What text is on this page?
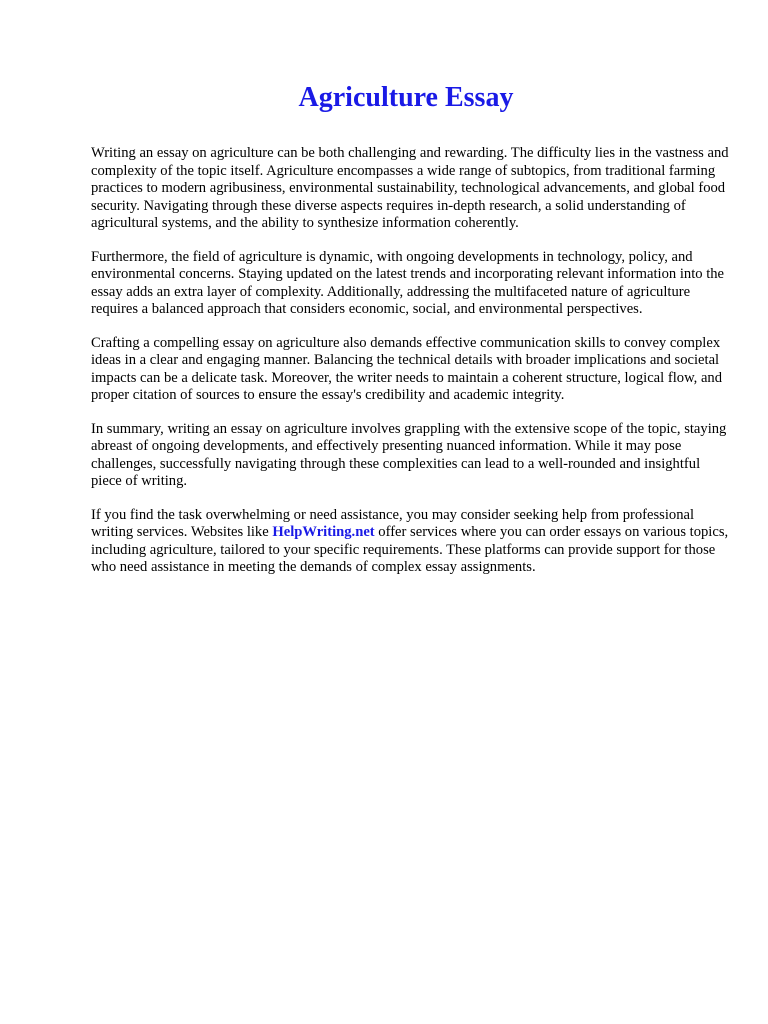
Agriculture Essay

Writing an essay on agriculture can be both challenging and rewarding. The difficulty lies in the vastness and complexity of the topic itself. Agriculture encompasses a wide range of subtopics, from traditional farming practices to modern agribusiness, environmental sustainability, technological advancements, and global food security. Navigating through these diverse aspects requires in-depth research, a solid understanding of agricultural systems, and the ability to synthesize information coherently.

Furthermore, the field of agriculture is dynamic, with ongoing developments in technology, policy, and environmental concerns. Staying updated on the latest trends and incorporating relevant information into the essay adds an extra layer of complexity. Additionally, addressing the multifaceted nature of agriculture requires a balanced approach that considers economic, social, and environmental perspectives.

Crafting a compelling essay on agriculture also demands effective communication skills to convey complex ideas in a clear and engaging manner. Balancing the technical details with broader implications and societal impacts can be a delicate task. Moreover, the writer needs to maintain a coherent structure, logical flow, and proper citation of sources to ensure the essay's credibility and academic integrity.

In summary, writing an essay on agriculture involves grappling with the extensive scope of the topic, staying abreast of ongoing developments, and effectively presenting nuanced information. While it may pose challenges, successfully navigating through these complexities can lead to a well-rounded and insightful piece of writing.

If you find the task overwhelming or need assistance, you may consider seeking help from professional writing services. Websites like HelpWriting.net offer services where you can order essays on various topics, including agriculture, tailored to your specific requirements. These platforms can provide support for those who need assistance in meeting the demands of complex essay assignments.
